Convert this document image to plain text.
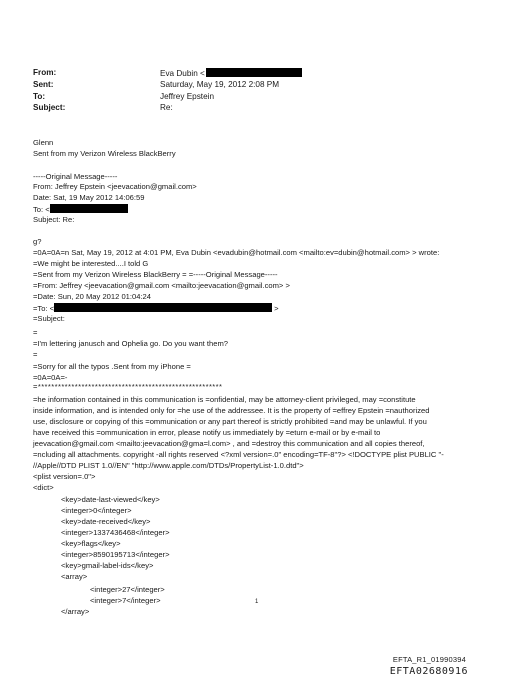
From:	Eva Dubin <
Sent:	Saturday, May 19, 2012 2:08 PM
To:	Jeffrey Epstein
Subject:	Re:
Glenn
Sent from my Verizon Wireless BlackBerry
-----Original Message-----
From: Jeffrey Epstein <jeevacation@gmail.com>
Date: Sat, 19 May 2012 14:06:59
To: <
Subject: Re:
g?
=0A=0A=n Sat, May 19, 2012 at 4:01 PM, Eva Dubin <evadubin@hotmail.com <mailto:ev=dubin@hotmail.com> > wrote:
=We might be interested....I told G
=Sent from my Verizon Wireless BlackBerry = =-----Original Message-----
=From: Jeffrey <jeevacation@gmail.com <mailto:jeevacation@gmail.com> >
=Date: Sun, 20 May 2012 01:04:24
=To: <	>
=Subject:
=
=I'm lettering janusch and Ophelia go. Do you want them?
=
=Sorry for all the typos .Sent from my iPhone =
=0A=0A=-
=*******************************************************
=he information contained in this communication is =onfidential, may be attorney-client privileged, may =constitute
inside information, and is intended only for =he use of the addressee. It is the property of =effrey Epstein =nauthorized
use, disclosure or copying of this =ommunication or any part thereof is strictly prohibited =and may be unlawful. If you
have received this =ommunication in error, please notify us immediately by =eturn e-mail or by e-mail to
jeevacation@gmail.com <mailto:jeevacation@gma=l.com> , and =destroy this communication and all copies thereof,
=ncluding all attachments. copyright -all rights reserved <?xml version=.0" encoding=TF-8"?> <!DOCTYPE plist PUBLIC "-
//Apple//DTD PLIST 1.0//EN" "http://www.apple.com/DTDs/PropertyList-1.0.dtd">
<plist version=.0">
<dict>
<key>date-last-viewed</key>
<integer>0</integer>
<key>date-received</key>
<integer>1337436468</integer>
<key>flags</key>
<integer>8590195713</integer>
<key>gmail-label-ids</key>
<array>
<integer>27</integer>
<integer>7</integer>
</array>
1
EFTA_R1_01990394
EFTA02680916
